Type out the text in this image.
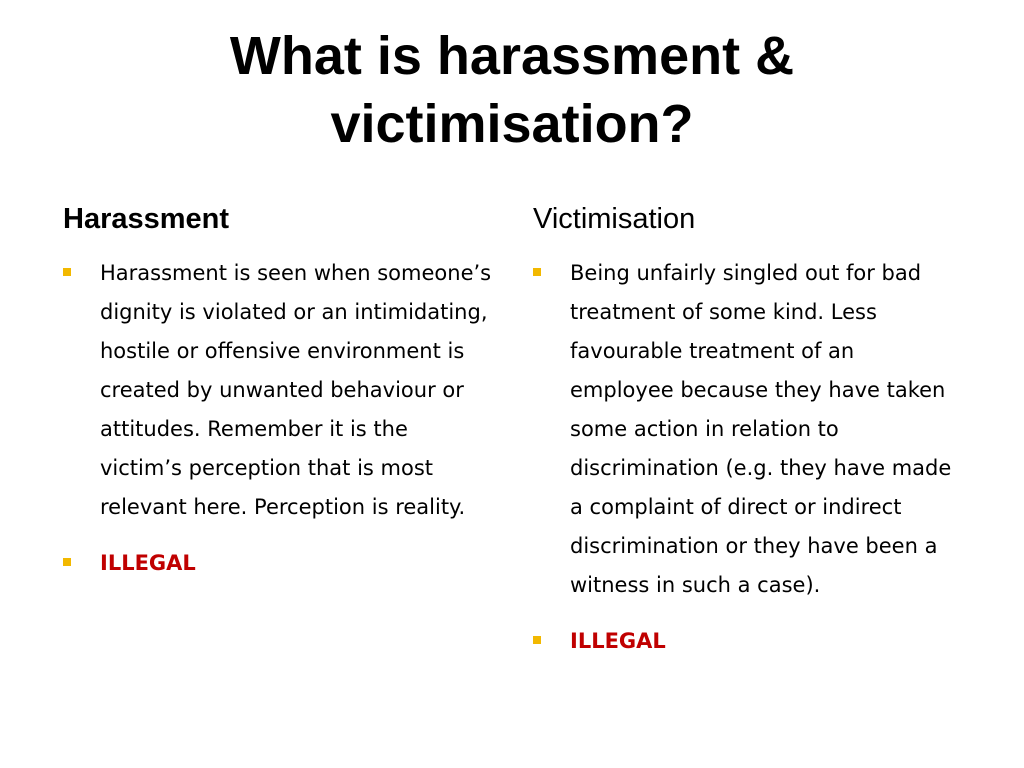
What is harassment &
victimisation?
Harassment
Harassment is seen when someone’s dignity is violated or an intimidating, hostile or offensive environment is created by unwanted behaviour or attitudes. Remember it is the victim’s perception that is most relevant here. Perception is reality.
ILLEGAL
Victimisation
Being unfairly singled out for bad treatment of some kind. Less favourable treatment of an employee because they have taken some action in relation to discrimination (e.g. they have made a complaint of direct or indirect discrimination or they have been a witness in such a case).
ILLEGAL
